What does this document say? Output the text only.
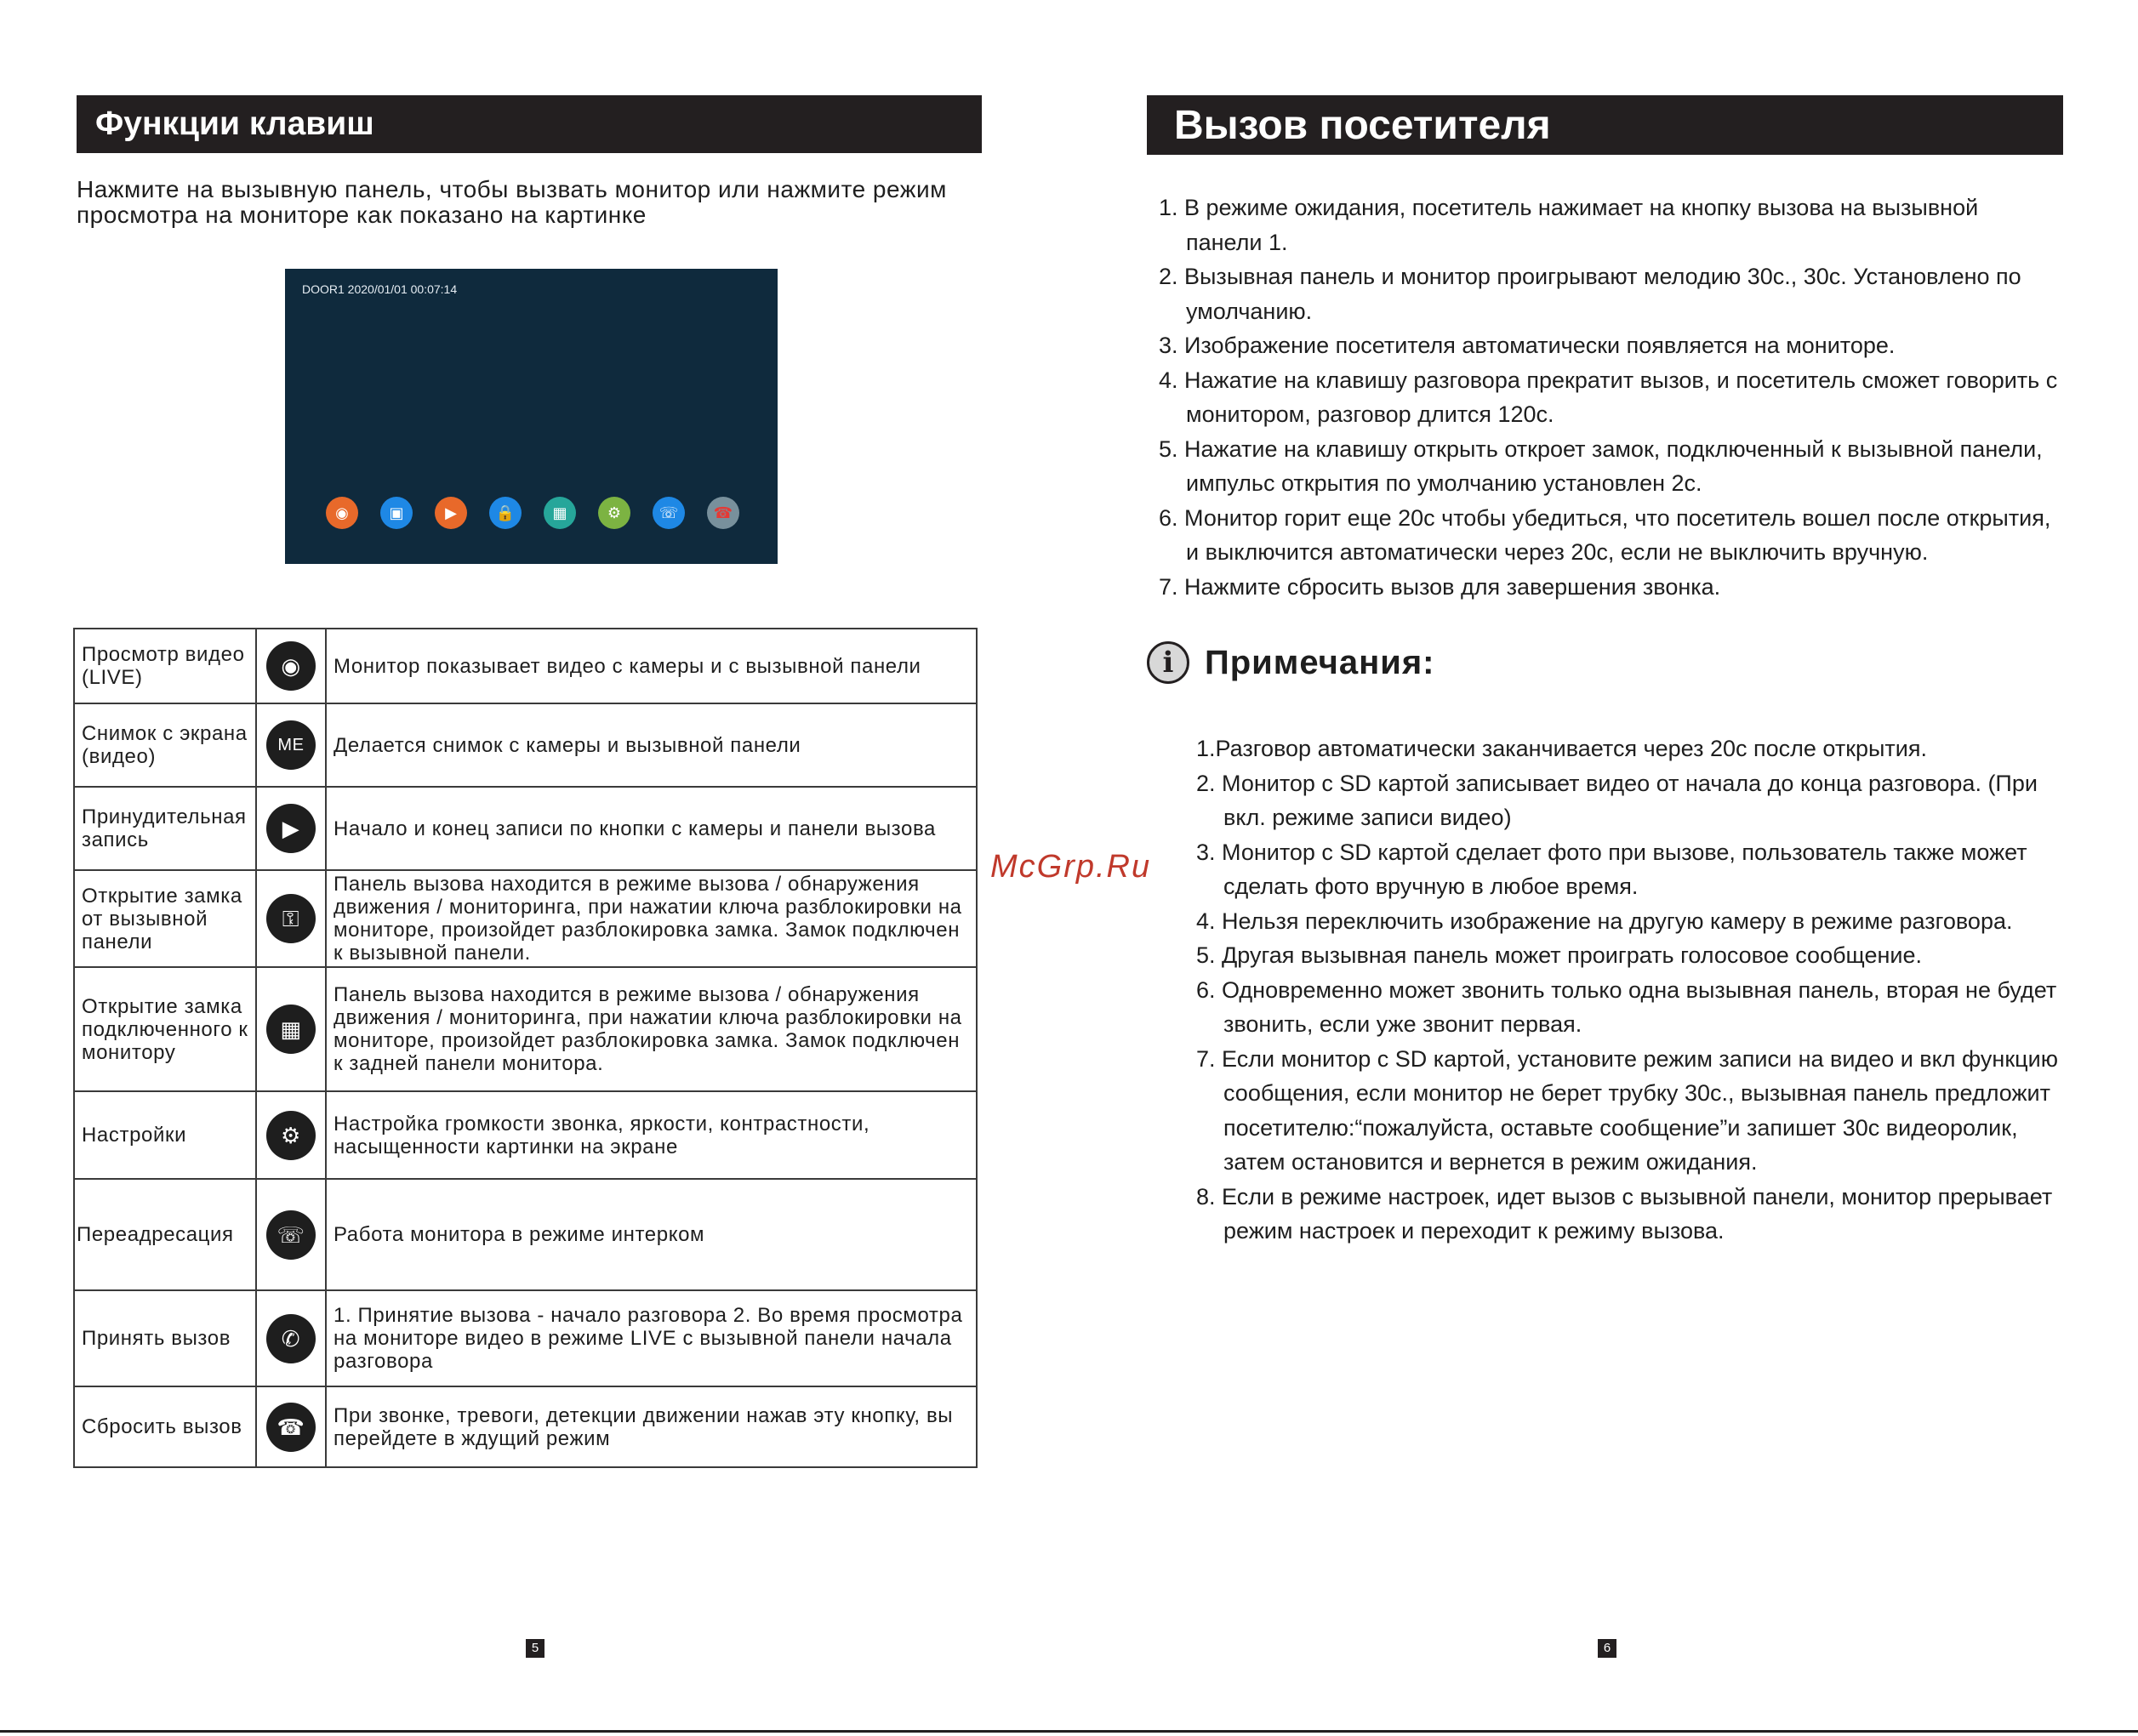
Функции клавиш
Нажмите на вызывную панель, чтобы вызвать монитор или нажмите режим просмотра на мониторе как показано на картинке
DOOR1 2020/01/01 00:07:14
◉	▣	▶	🔒	▦	⚙	☏	☎
Просмотр видео (LIVE)	◉	Монитор показывает видео с камеры и с вызывной панели
Снимок с экрана (видео)	ME	Делается снимок с камеры и вызывной панели
Принудительная запись	▶	Начало и конец записи по кнопки с камеры и панели вызова
Открытие замка от вызывной панели	⚿	Панель вызова находится в режиме вызова / обнаружения движения / мониторинга, при нажатии ключа разблокировки на мониторе, произойдет разблокировка замка. Замок подключен к вызывной панели.
Открытие замка подключенного к монитору	▦	Панель вызова находится в режиме вызова / обнаружения движения / мониторинга, при нажатии ключа разблокировки на мониторе, произойдет разблокировка замка. Замок подключен к задней панели монитора.
Настройки	⚙	Настройка громкости звонка, яркости, контрастности, насыщенности картинки на экране
Переадресация	☏	Работа монитора в режиме интерком
Принять вызов	✆	1. Принятие вызова - начало разговора 2. Во время просмотра на мониторе видео в режиме LIVE с вызывной панели начала разговора
Сбросить вызов	☎	При звонке, тревоги, детекции движении нажав эту кнопку, вы перейдете в ждущий режим
5
Вызов посетителя
1. В режиме ожидания, посетитель нажимает на кнопку вызова на вызывной панели 1.
2. Вызывная панель и монитор проигрывают мелодию 30с., 30с. Установлено по умолчанию.
3. Изображение посетителя автоматически появляется на мониторе.
4. Нажатие на клавишу разговора прекратит вызов, и посетитель сможет говорить с монитором, разговор длится 120с.
5. Нажатие на клавишу открыть откроет замок, подключенный к вызывной панели, импульс открытия по умолчанию установлен 2с.
6. Монитор горит еще 20с чтобы убедиться, что посетитель вошел после открытия, и выключится автоматически через 20с, если не выключить вручную.
7. Нажмите сбросить вызов для завершения звонка.
i Примечания:
1.Разговор автоматически заканчивается через 20с после открытия.
2. Монитор с SD картой записывает видео от начала до конца разговора. (При вкл. режиме записи видео)
3. Монитор с SD картой сделает фото при вызове, пользователь также может сделать фото вручную в любое время.
4. Нельзя переключить изображение на другую камеру в режиме разговора.
5. Другая вызывная панель может проиграть голосовое сообщение.
6. Одновременно может звонить только одна вызывная панель, вторая не будет звонить, если уже звонит первая.
7. Если монитор с SD картой, установите режим записи на видео и вкл функцию сообщения, если монитор не берет трубку 30с., вызывная панель предложит посетителю:“пожалуйста, оставьте сообщение”и запишет 30с видеоролик, затем остановится и вернется в режим ожидания.
8. Если в режиме настроек, идет вызов с вызывной панели, монитор прерывает режим настроек и переходит к режиму вызова.
McGrp.Ru
6
